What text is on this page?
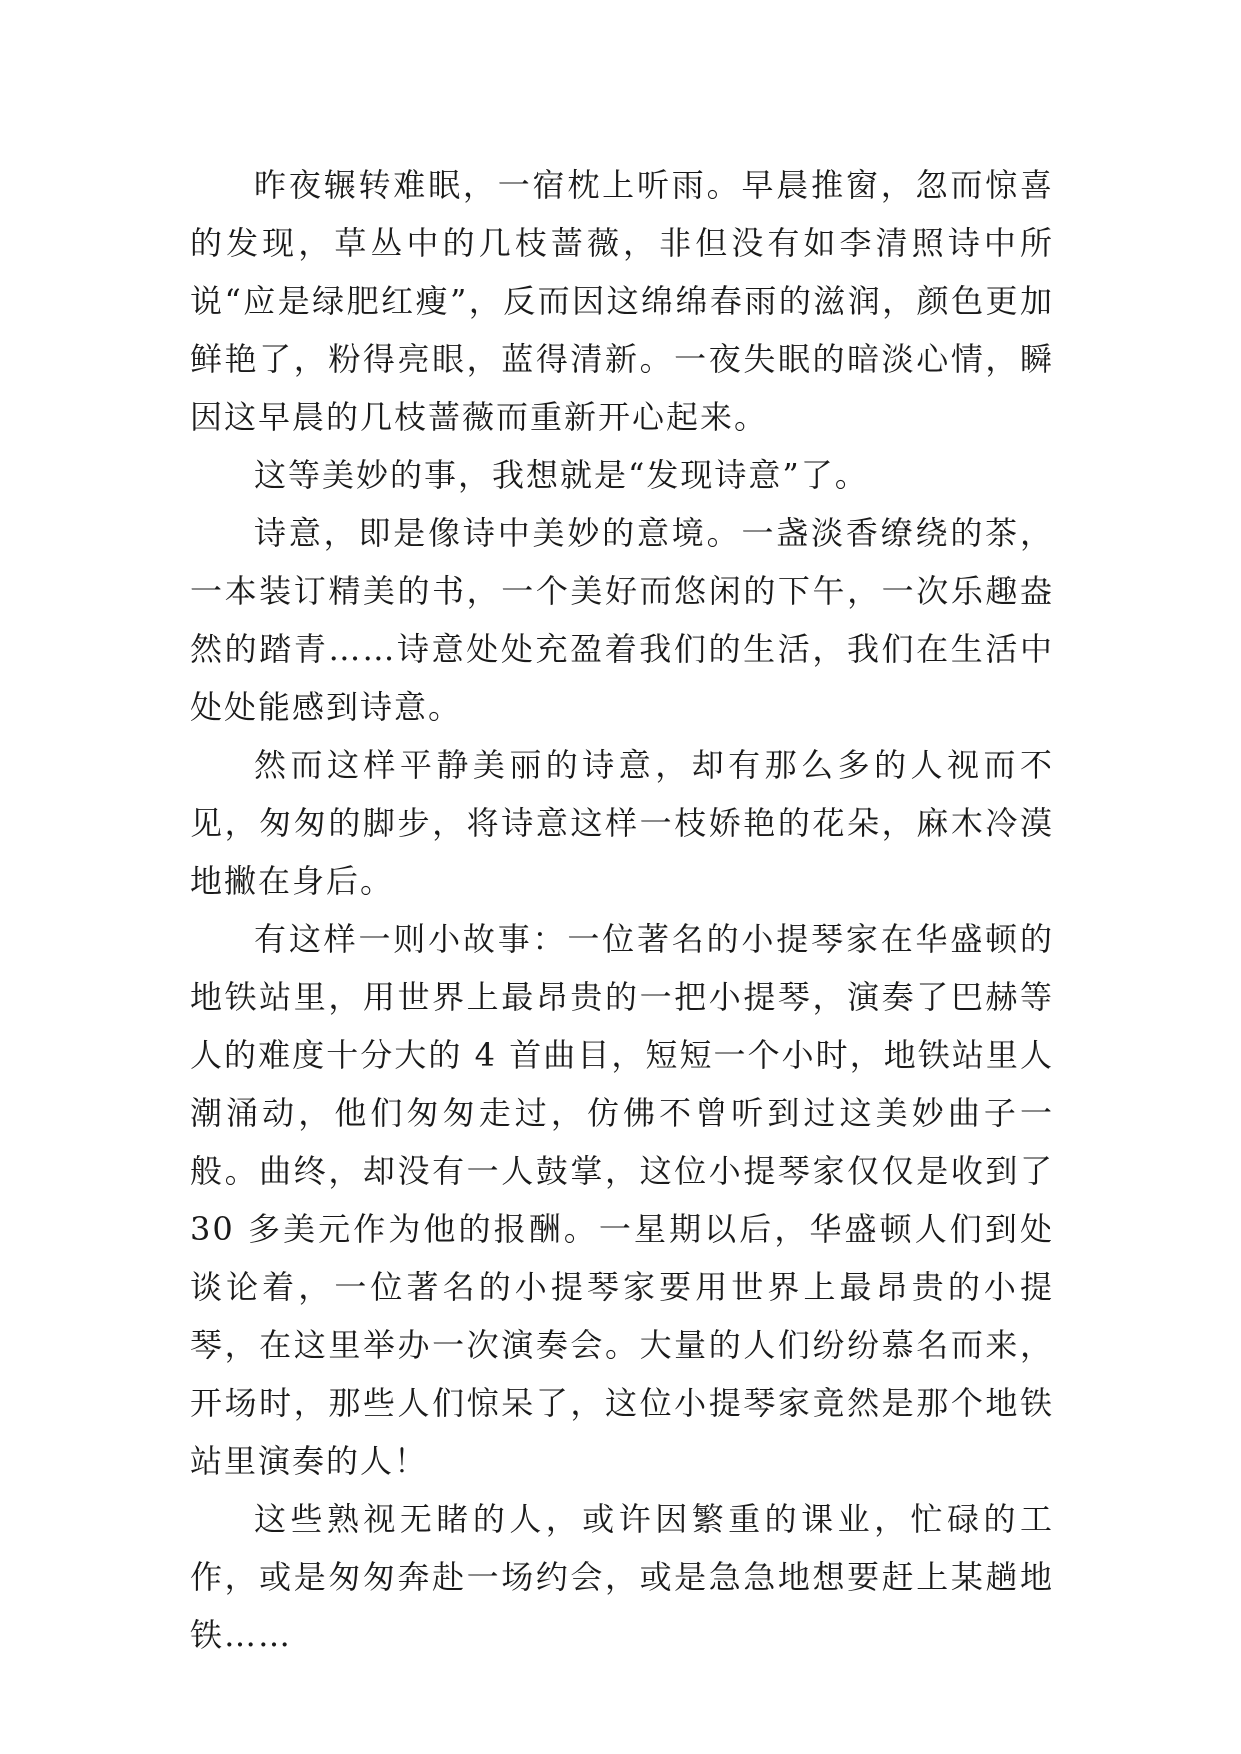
昨夜辗转难眠，一宿枕上听雨。早晨推窗，忽而惊喜的发现，草丛中的几枝蔷薇，非但没有如李清照诗中所说“应是绿肥红瘦”，反而因这绵绵春雨的滋润，颜色更加鲜艳了，粉得亮眼，蓝得清新。一夜失眠的暗淡心情，瞬因这早晨的几枝蔷薇而重新开心起来。

这等美妙的事，我想就是“发现诗意”了。

诗意，即是像诗中美妙的意境。一盏淡香缭绕的茶，一本装订精美的书，一个美好而悠闲的下午，一次乐趣盎然的踏青……诗意处处充盈着我们的生活，我们在生活中处处能感到诗意。

然而这样平静美丽的诗意，却有那么多的人视而不见，匆匆的脚步，将诗意这样一枝娇艳的花朵，麻木冷漠地撇在身后。

有这样一则小故事：一位著名的小提琴家在华盛顿的地铁站里，用世界上最昂贵的一把小提琴，演奏了巴赫等人的难度十分大的 4 首曲目，短短一个小时，地铁站里人潮涌动，他们匆匆走过，仿佛不曾听到过这美妙曲子一般。曲终，却没有一人鼓掌，这位小提琴家仅仅是收到了 30 多美元作为他的报酬。一星期以后，华盛顿人们到处谈论着，一位著名的小提琴家要用世界上最昂贵的小提琴，在这里举办一次演奏会。大量的人们纷纷慕名而来，开场时，那些人们惊呆了，这位小提琴家竟然是那个地铁站里演奏的人！

这些熟视无睹的人，或许因繁重的课业，忙碌的工作，或是匆匆奔赴一场约会，或是急急地想要赶上某趟地铁……
